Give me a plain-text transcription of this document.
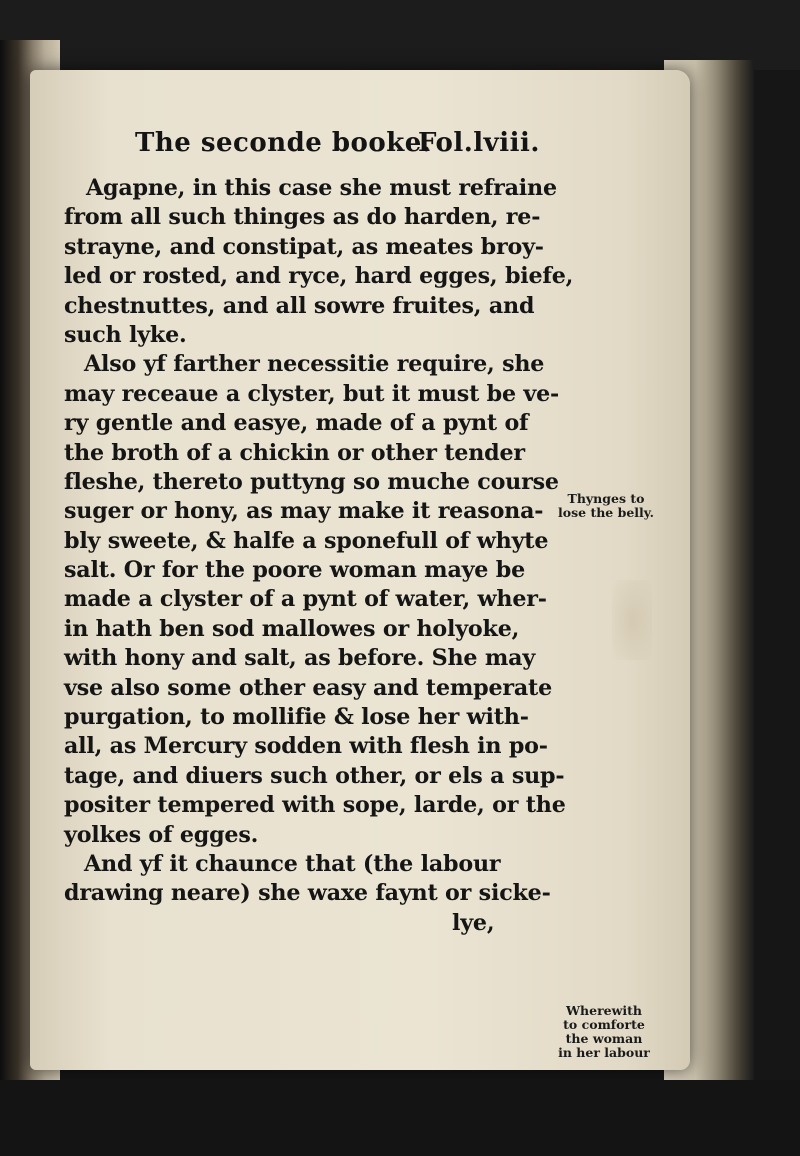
The seconde booke.
Fol.lviii.
Agapne, in this case she must refraine
from all such thinges as do harden, re-
strayne, and constipat, as meates broy-
led or rosted, and ryce, hard egges, biefe,
chestnuttes, and all sowre fruites, and
such lyke.
Also yf farther necessitie require, she
may receaue a clyster, but it must be ve-
ry gentle and easye, made of a pynt of
the broth of a chickin or other tender
fleshe, thereto puttyng so muche course
suger or hony, as may make it reasona-
bly sweete, & halfe a sponefull of whyte
salt. Or for the poore woman maye be
made a clyster of a pynt of water, wher-
in hath ben sod mallowes or holyoke,
with hony and salt, as before. She may
vse also some other easy and temperate
purgation, to mollifie & lose her with-
all, as Mercury sodden with flesh in po-
tage, and diuers such other, or els a sup-
positer tempered with sope, larde, or the
yolkes of egges.
And yf it chaunce that (the labour
drawing neare) she waxe faynt or sicke-
lye,
Thynges to
lose the belly.
Wherewith
to comforte
the woman
in her labour
